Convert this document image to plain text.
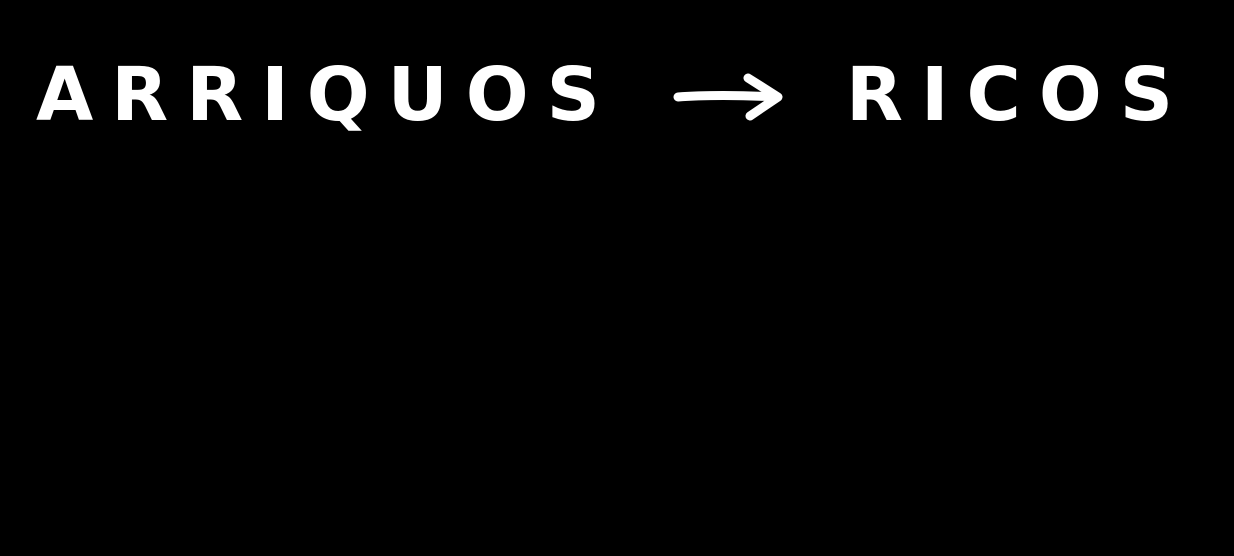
ARRIQUOS	RICOS
